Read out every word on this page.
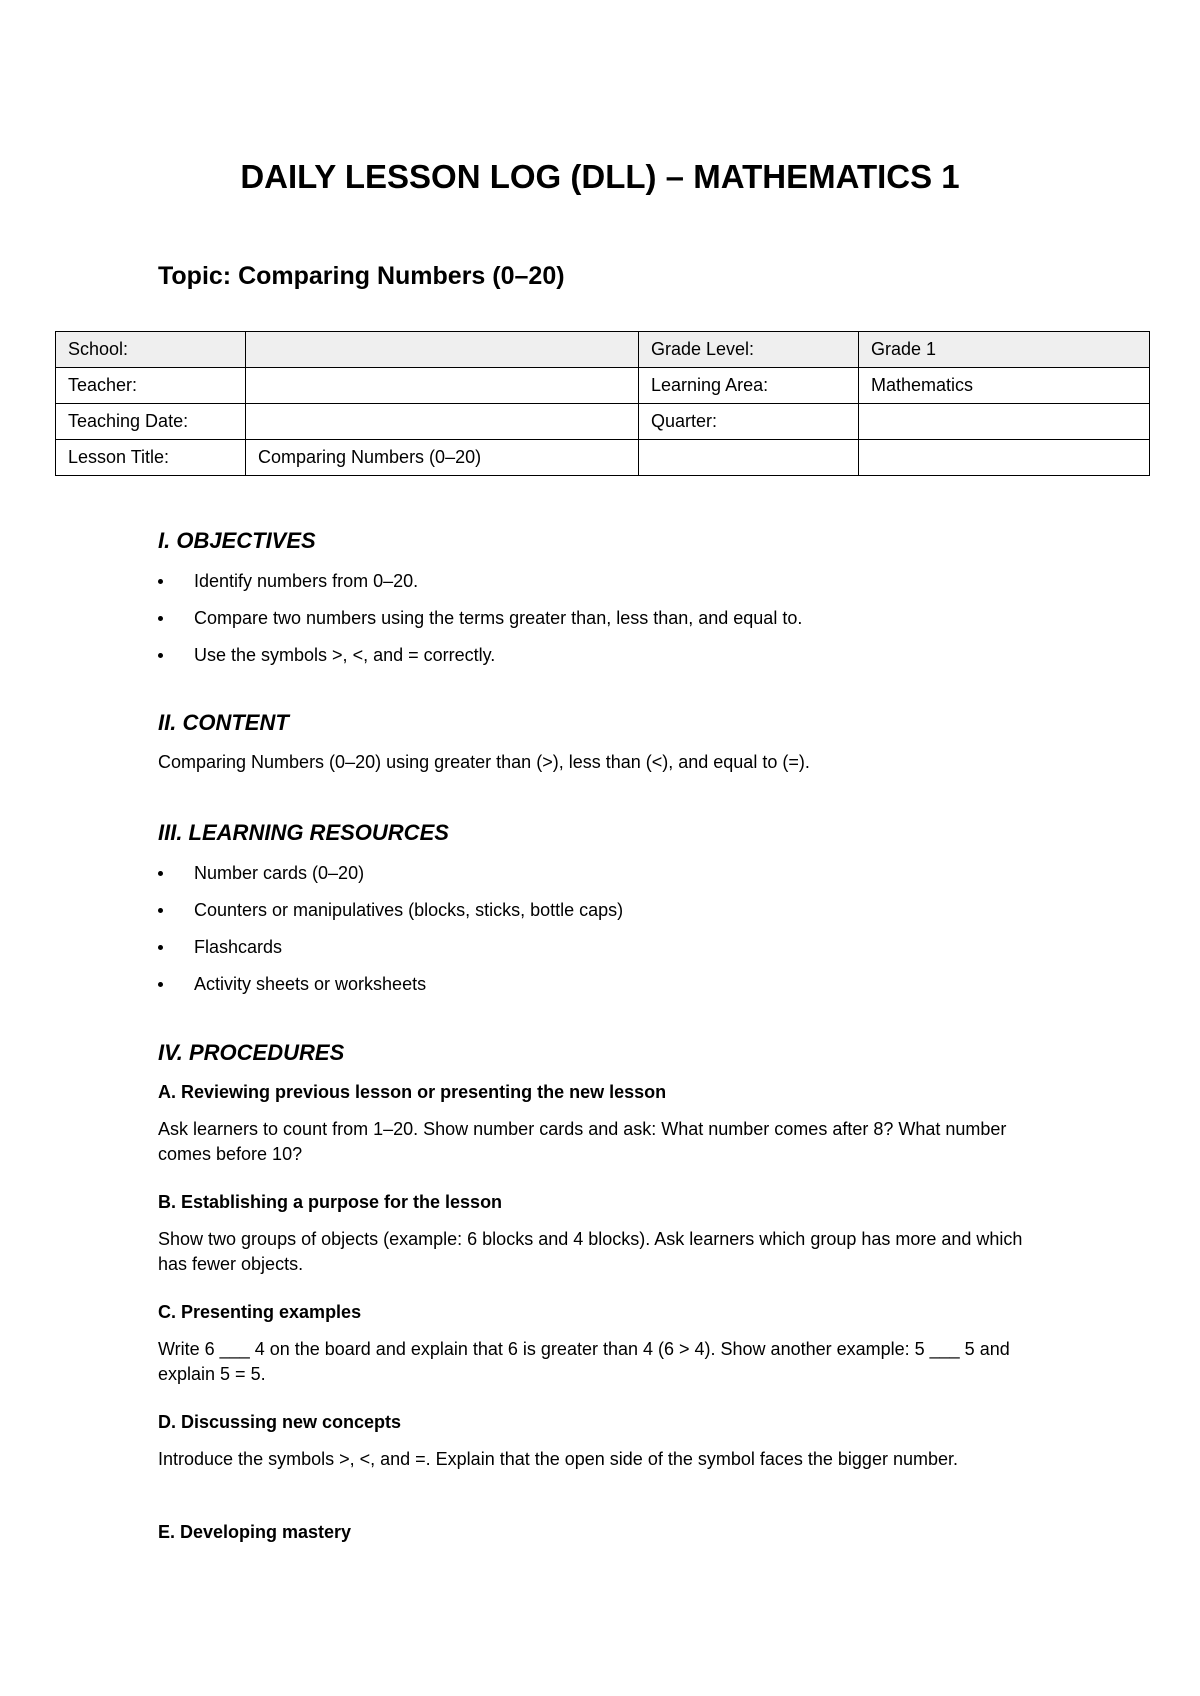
DAILY LESSON LOG (DLL) – MATHEMATICS 1
Topic: Comparing Numbers (0–20)
School:		Grade Level:	Grade 1
Teacher:		Learning Area:	Mathematics
Teaching Date:		Quarter:	
Lesson Title:	Comparing Numbers (0–20)		
I. OBJECTIVES
Identify numbers from 0–20.
Compare two numbers using the terms greater than, less than, and equal to.
Use the symbols >, <, and = correctly.
II. CONTENT

Comparing Numbers (0–20) using greater than (>), less than (<), and equal to (=).

III. LEARNING RESOURCES
Number cards (0–20)
Counters or manipulatives (blocks, sticks, bottle caps)
Flashcards
Activity sheets or worksheets
IV. PROCEDURES
A. Reviewing previous lesson or presenting the new lesson

Ask learners to count from 1–20. Show number cards and ask: What number comes after 8? What number comes before 10?

B. Establishing a purpose for the lesson

Show two groups of objects (example: 6 blocks and 4 blocks). Ask learners which group has more and which has fewer objects.

C. Presenting examples

Write 6 ___ 4 on the board and explain that 6 is greater than 4 (6 > 4). Show another example: 5 ___ 5 and explain 5 = 5.

D. Discussing new concepts

Introduce the symbols >, <, and =. Explain that the open side of the symbol faces the bigger number.

E. Developing mastery
